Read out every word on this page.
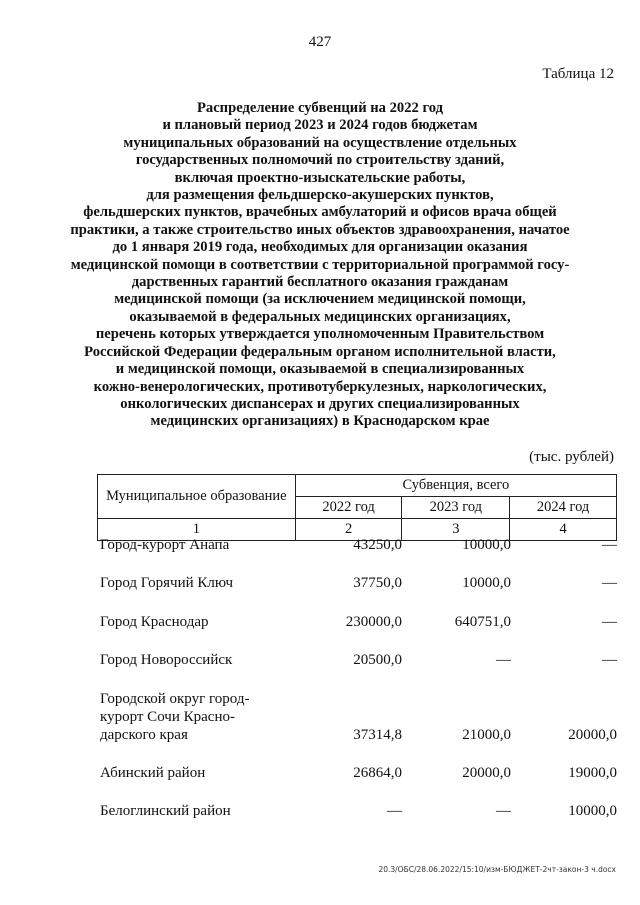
427
Таблица 12
Распределение субвенций на 2022 год
и плановый период 2023 и 2024 годов бюджетам
муниципальных образований на осуществление отдельных
государственных полномочий по строительству зданий,
включая проектно-изыскательские работы,
для размещения фельдшерско-акушерских пунктов,
фельдшерских пунктов, врачебных амбулаторий и офисов врача общей
практики, а также строительство иных объектов здравоохранения, начатое
до 1 января 2019 года, необходимых для организации оказания
медицинской помощи в соответствии с территориальной программой госу-
дарственных гарантий бесплатного оказания гражданам
медицинской помощи (за исключением медицинской помощи,
оказываемой в федеральных медицинских организациях,
перечень которых утверждается уполномоченным Правительством
Российской Федерации федеральным органом исполнительной власти,
и медицинской помощи, оказываемой в специализированных
кожно-венерологических, противотуберкулезных, наркологических,
онкологических диспансерах и других специализированных
медицинских организациях) в Краснодарском крае
(тыс. рублей)
Муниципальное образование	Субвенция, всего		
	2022 год	2023 год	2024 год
1	2	3	4
Город-курорт Анапа	43250,0	10000,0	—
Город Горячий Ключ	37750,0	10000,0	—
Город Краснодар	230000,0	640751,0	—
Город Новороссийск	20500,0	—	—
Городской округ город-курорт Сочи Красно-дарского края	37314,8	21000,0	20000,0
Абинский район	26864,0	20000,0	19000,0
Белоглинский район	—	—	10000,0
20.3/ОБС/28.06.2022/15:10/изм-БЮДЖЕТ-2чт-закон-3 ч.docx
